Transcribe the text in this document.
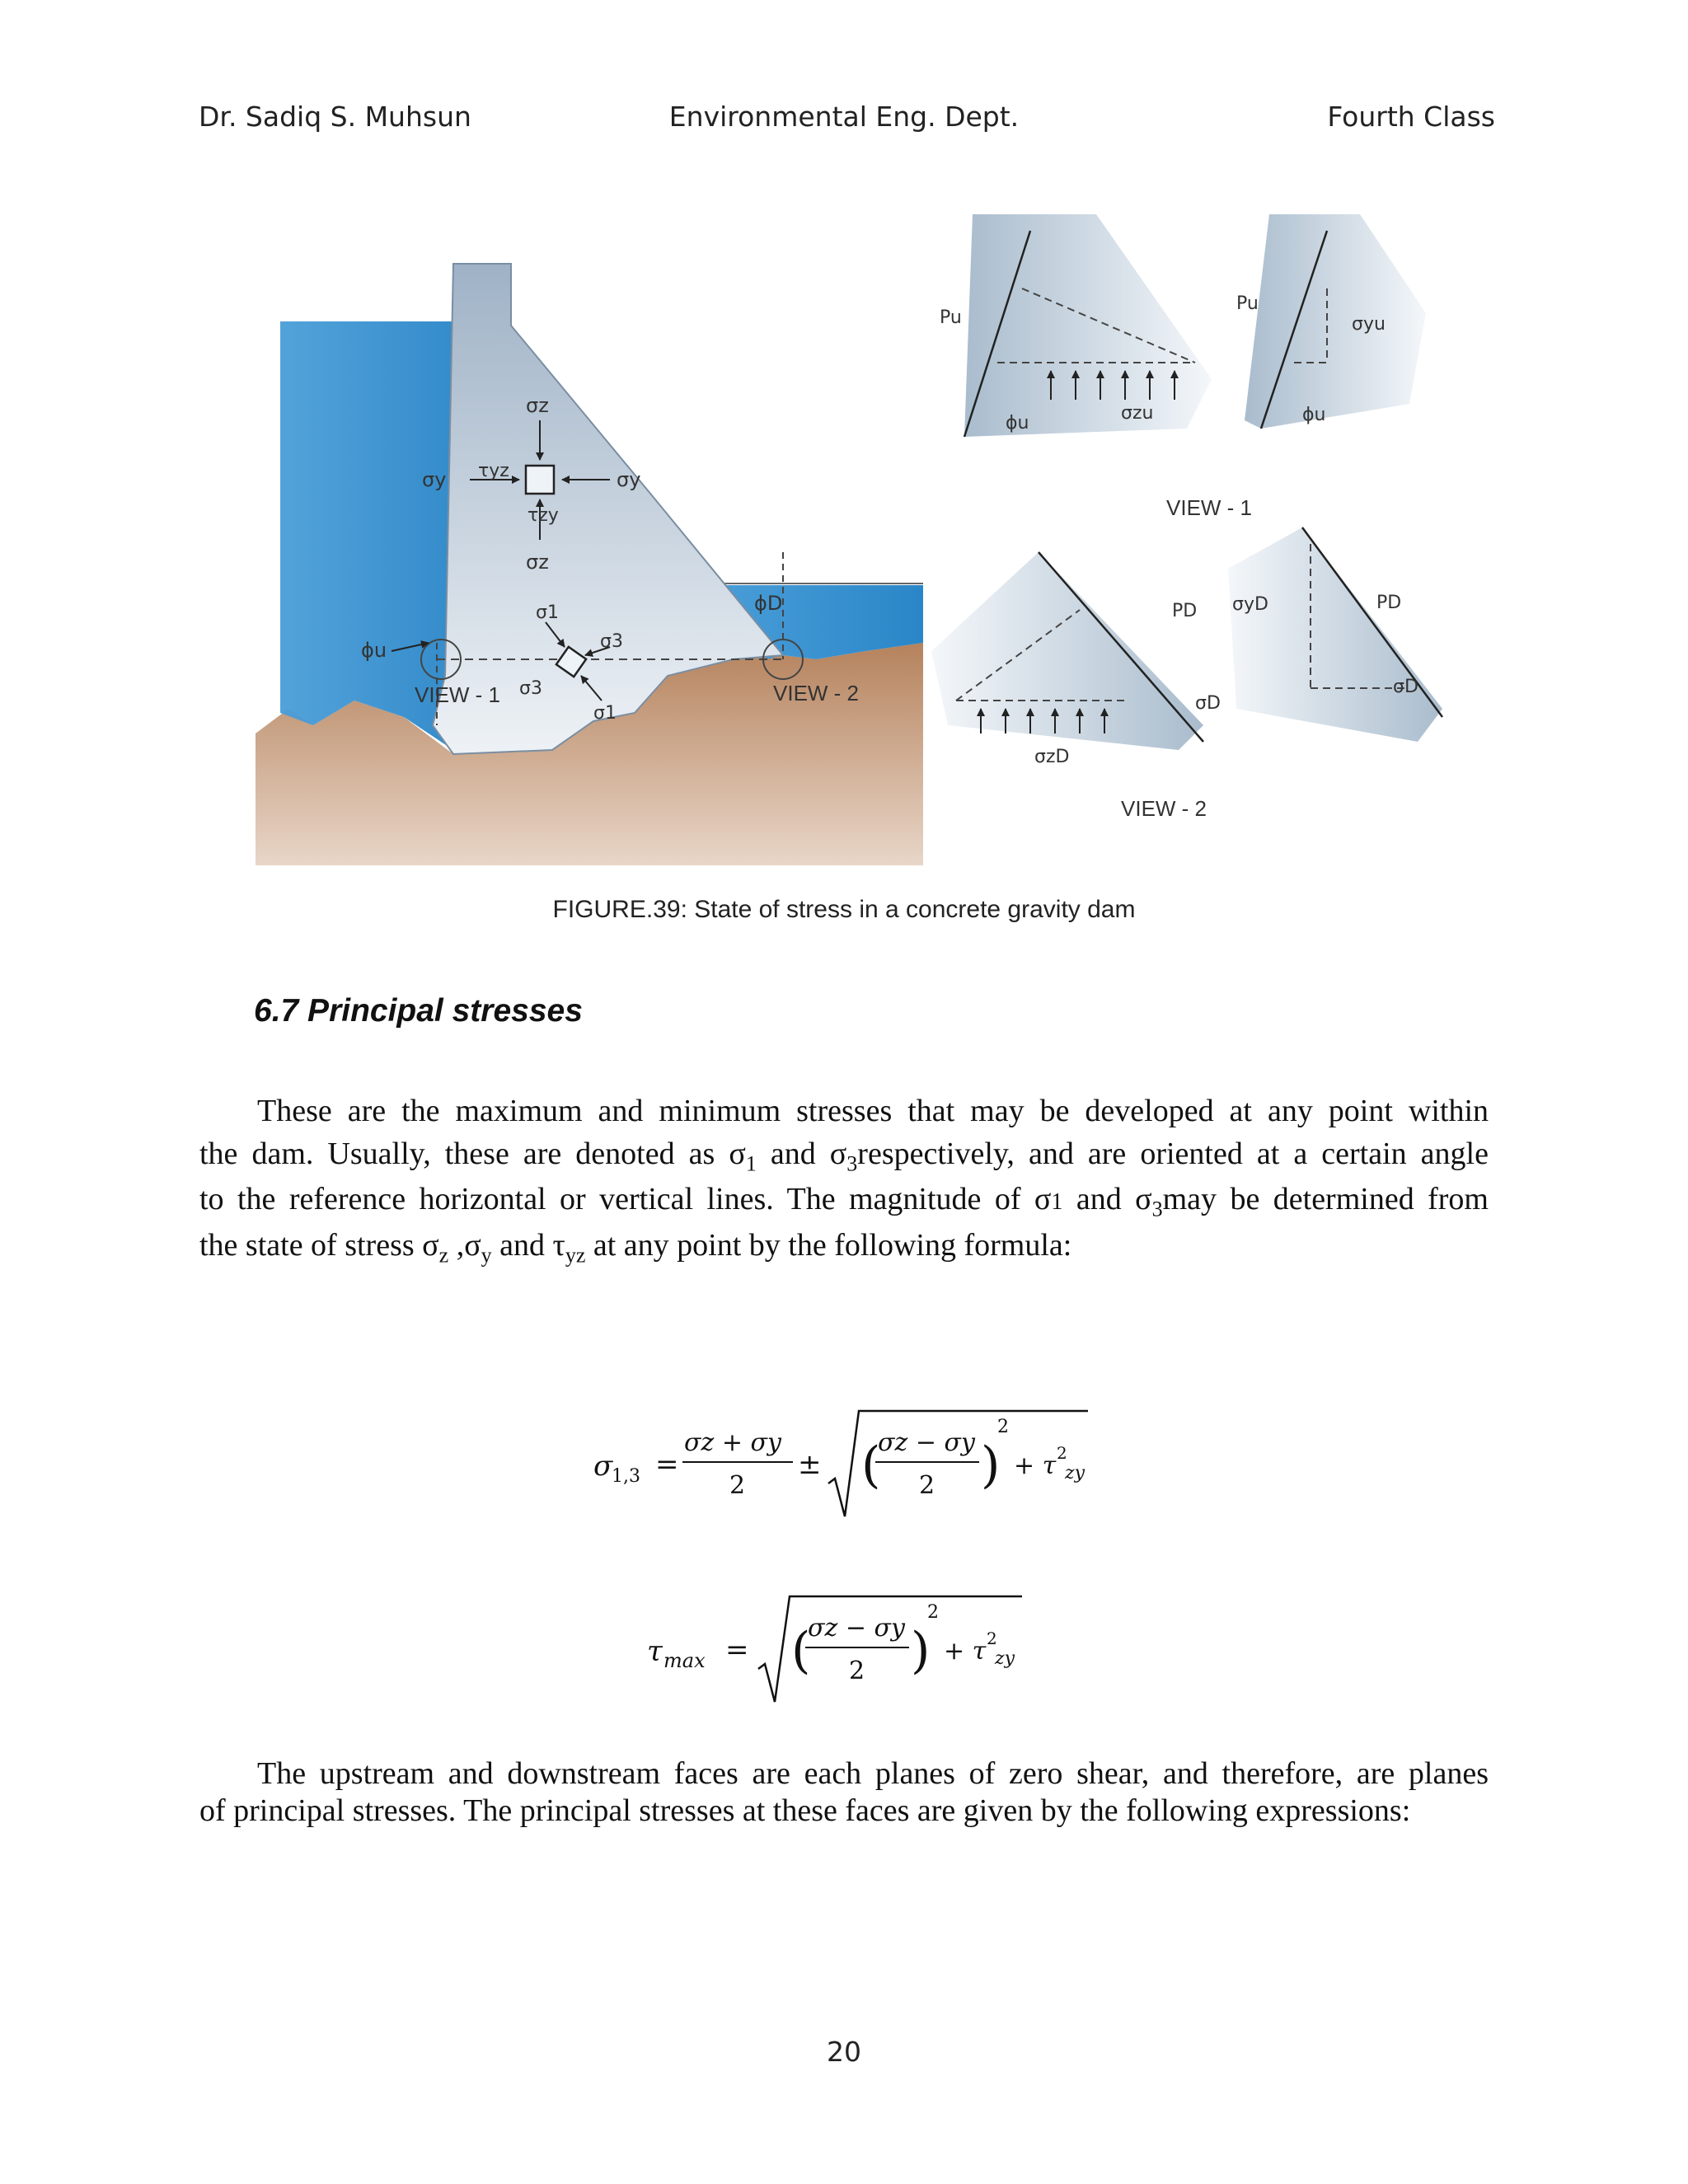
Dr. Sadiq S. Muhsun	Environmental Eng. Dept.	Fourth Class
σz
σz
σy	σy
τyz
τzy
σ1
σ1
σ3
σ3
ϕu
ϕD
VIEW - 1	VIEW - 2
Pu
Pu
σzu
σyu
ϕu	ϕu
VIEW - 1
σzD
PD	PD
σD
σD
σyD
VIEW - 2
FIGURE.39: State of stress in a concrete gravity dam
6.7 Principal stresses
These are the maximum and minimum stresses that may be developed at any point within
the dam. Usually, these are denoted as $\sigma_1$ and $\sigma_3respectively$, and are oriented at a certain angle
to the reference horizontal or vertical lines. The magnitude of σ1 and $\sigma_3may$ be determined from
the state of stress $\sigma_z$ $,\sigma_y$ and $\tau_{yz}$ at any point by the following formula:
σ
1,3 =
σz + σy
2
± (
σz − σy
2 )
2
+ τ 2
zy
τ max = (
σz − σy
2 )
2
+ τ 2
zy
The upstream and downstream faces are each planes of zero shear, and therefore, are planes
of principal stresses. The principal stresses at these faces are given by the following expressions:
20
